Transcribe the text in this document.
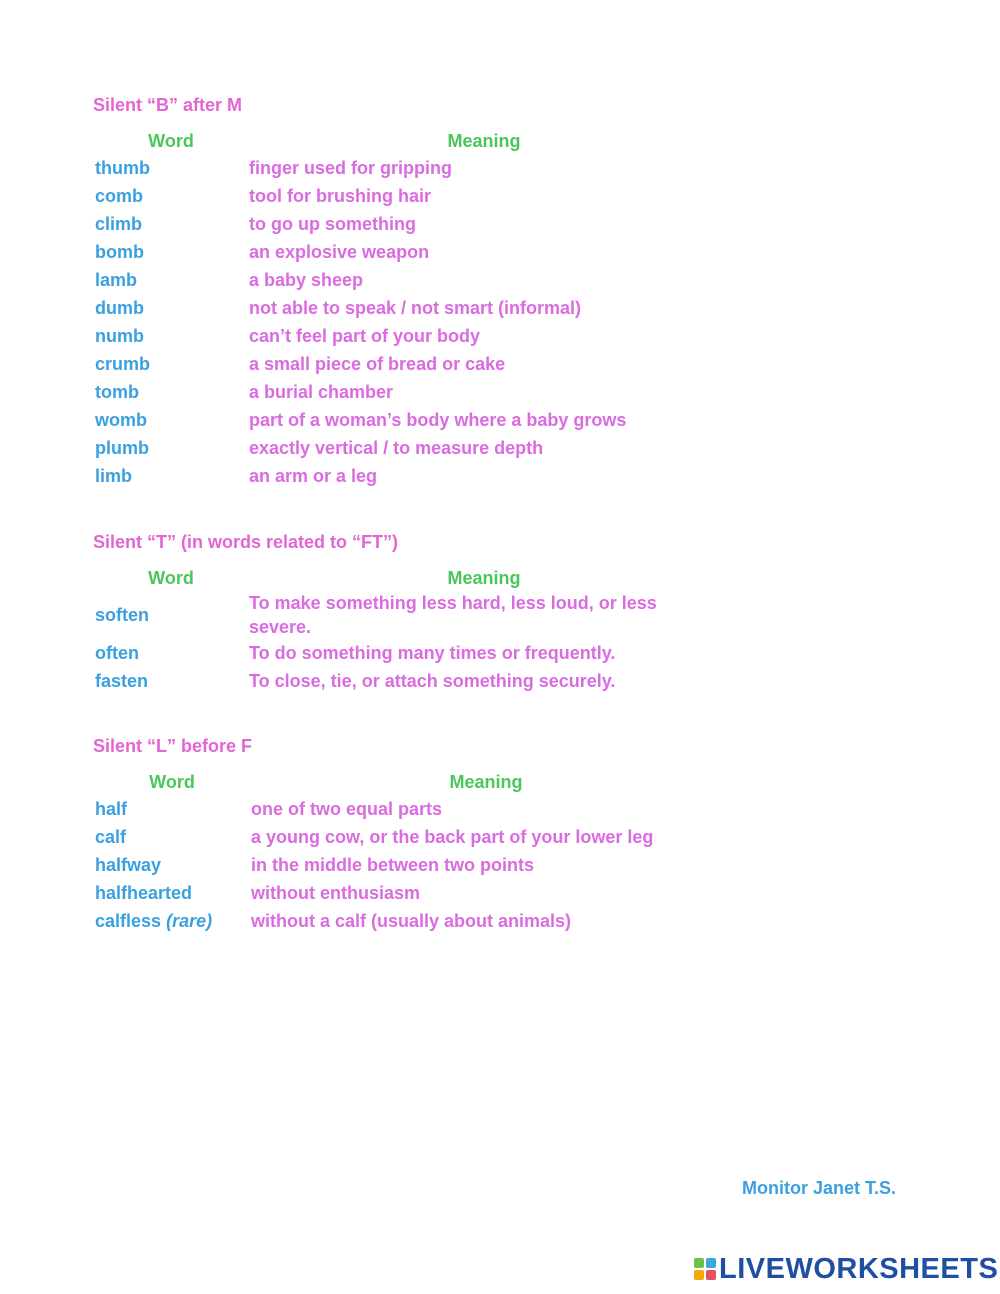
Silent “B” after M
Word	Meaning
thumb	finger used for gripping
comb	tool for brushing hair
climb	to go up something
bomb	an explosive weapon
lamb	a baby sheep
dumb	not able to speak / not smart (informal)
numb	can’t feel part of your body
crumb	a small piece of bread or cake
tomb	a burial chamber
womb	part of a woman’s body where a baby grows
plumb	exactly vertical / to measure depth
limb	an arm or a leg
Silent “T” (in words related to “FT”)
Word	Meaning
soften	To make something less hard, less loud, or less severe.
often	To do something many times or frequently.
fasten	To close, tie, or attach something securely.
Silent “L” before F
Word	Meaning
half	one of two equal parts
calf	a young cow, or the back part of your lower leg
halfway	in the middle between two points
halfhearted	without enthusiasm
calfless (rare)	without a calf (usually about animals)
Monitor Janet T.S.
LIVEWORKSHEETS
